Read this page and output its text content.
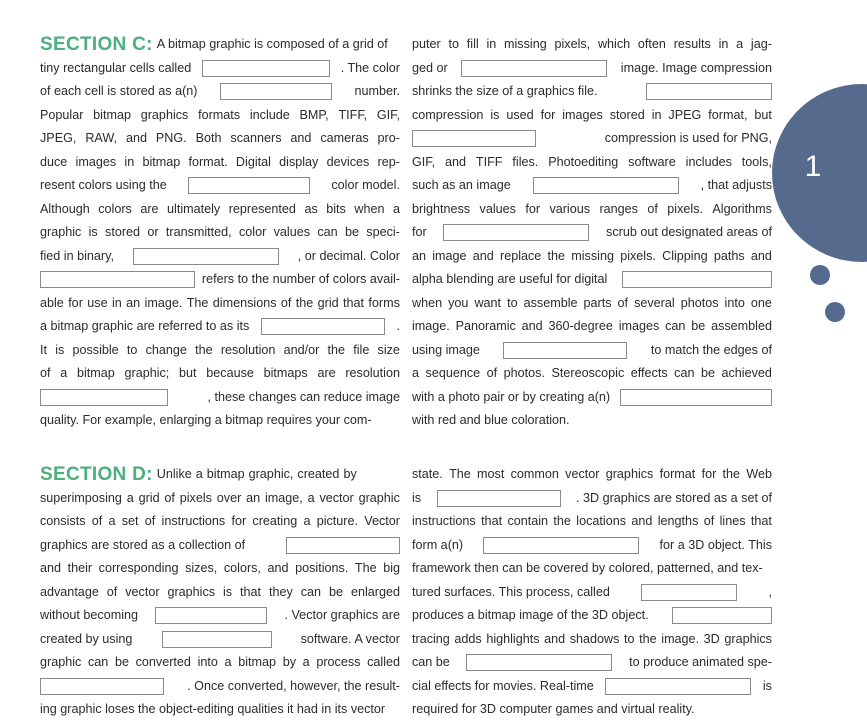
1
SECTION C: A bitmap graphic is composed of a grid of
tiny rectangular cells called	. The color
of each cell is stored as a(n)	number.
Popular bitmap graphics formats include BMP, TIFF, GIF,
JPEG, RAW, and PNG. Both scanners and cameras pro-
duce images in bitmap format. Digital display devices rep-
resent colors using the	color model.
Although colors are ultimately represented as bits when a
graphic is stored or transmitted, color values can be speci-
fied in binary,	, or decimal. Color
refers to the number of colors avail-
able for use in an image. The dimensions of the grid that forms
a bitmap graphic are referred to as its	.
It is possible to change the resolution and/or the file size
of a bitmap graphic; but because bitmaps are resolution
, these changes can reduce image
quality. For example, enlarging a bitmap requires your com-
puter to fill in missing pixels, which often results in a jag-
ged or	image. Image compression
shrinks the size of a graphics file.
compression is used for images stored in JPEG format, but
compression is used for PNG,
GIF, and TIFF files. Photoediting software includes tools,
such as an image	, that adjusts
brightness values for various ranges of pixels. Algorithms
for	scrub out designated areas of
an image and replace the missing pixels. Clipping paths and
alpha blending are useful for digital
when you want to assemble parts of several photos into one
image. Panoramic and 360-degree images can be assembled
using image	to match the edges of
a sequence of photos. Stereoscopic effects can be achieved
with a photo pair or by creating a(n)
with red and blue coloration.
SECTION D: Unlike a bitmap graphic, created by
superimposing a grid of pixels over an image, a vector graphic
consists of a set of instructions for creating a picture. Vector
graphics are stored as a collection of
and their corresponding sizes, colors, and positions. The big
advantage of vector graphics is that they can be enlarged
without becoming	. Vector graphics are
created by using	software. A vector
graphic can be converted into a bitmap by a process called
. Once converted, however, the result-
ing graphic loses the object-editing qualities it had in its vector
state. The most common vector graphics format for the Web
is	. 3D graphics are stored as a set of
instructions that contain the locations and lengths of lines that
form a(n)	for a 3D object. This
framework then can be covered by colored, patterned, and tex-
tured surfaces. This process, called	,
produces a bitmap image of the 3D object.
tracing adds highlights and shadows to the image. 3D graphics
can be	to produce animated spe-
cial effects for movies. Real-time	is
required for 3D computer games and virtual reality.
